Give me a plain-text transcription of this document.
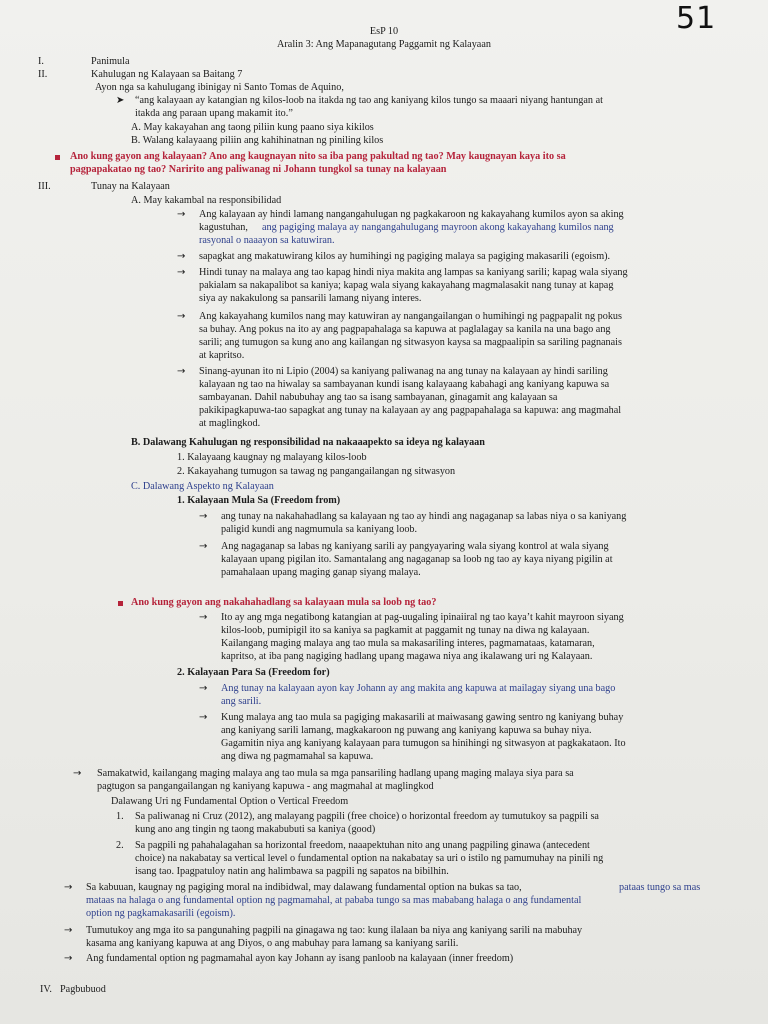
51
EsP 10
Aralin 3: Ang Mapanagutang Paggamit ng Kalayaan
I.	Panimula
II.	Kahulugan ng Kalayaan sa Baitang 7
Ayon nga sa kahulugang ibinigay ni Santo Tomas de Aquino,
➤ “ang kalayaan ay katangian ng kilos-loob na itakda ng tao ang kaniyang kilos tungo sa maaari niyang hantungan at
itakda ang paraan upang makamit ito.”
A. May kakayahan ang taong piliin kung paano siya kikilos
B. Walang kalayaang piliin ang kahihinatnan ng piniling kilos
Ano kung gayon ang kalayaan? Ano ang kaugnayan nito sa iba pang pakultad ng tao? May kaugnayan kaya ito sa
pagpapakatao ng tao? Naririto ang paliwanag ni Johann tungkol sa tunay na kalayaan
III.	Tunay na Kalayaan
A. May kakambal na responsibilidad
→ Ang kalayaan ay hindi lamang nangangahulugan ng pagkakaroon ng kakayahang kumilos ayon sa aking
kagustuhan, ang pagiging malaya ay nangangahulugang mayroon akong kakayahang kumilos nang
rasyonal o naaayon sa katuwiran.
→ sapagkat ang makatuwirang kilos ay humihingi ng pagiging malaya sa pagiging makasarili (egoism).
→ Hindi tunay na malaya ang tao kapag hindi niya makita ang lampas sa kaniyang sarili; kapag wala siyang
pakialam sa nakapalibot sa kaniya; kapag wala siyang kakayahang magmalasakit nang tunay at kapag
siya ay nakakulong sa pansarili lamang niyang interes.
→ Ang kakayahang kumilos nang may katuwiran ay nangangailangan o humihingi ng pagpapalit ng pokus
sa buhay. Ang pokus na ito ay ang pagpapahalaga sa kapuwa at paglalagay sa kanila na una bago ang
sarili; ang tumugon sa kung ano ang kailangan ng sitwasyon kaysa sa magpaalipin sa sariling pagnanais
at kapritso.
→ Sinang-ayunan ito ni Lipio (2004) sa kaniyang paliwanag na ang tunay na kalayaan ay hindi sariling
kalayaan ng tao na hiwalay sa sambayanan kundi isang kalayaang kabahagi ang kaniyang kapuwa sa
sambayanan. Dahil nabubuhay ang tao sa isang sambayanan, ginagamit ang kalayaan sa
pakikipagkapuwa-tao sapagkat ang tunay na kalayaan ay ang pagpapahalaga sa kapuwa: ang magmahal
at maglingkod.
B. Dalawang Kahulugan ng responsibilidad na nakaaapekto sa ideya ng kalayaan
1. Kalayaang kaugnay ng malayang kilos-loob
2. Kakayahang tumugon sa tawag ng pangangailangan ng sitwasyon
C. Dalawang Aspekto ng Kalayaan
1. Kalayaan Mula Sa (Freedom from)
→ ang tunay na nakahahadlang sa kalayaan ng tao ay hindi ang nagaganap sa labas niya o sa kaniyang
paligid kundi ang nagmumula sa kaniyang loob.
→ Ang nagaganap sa labas ng kaniyang sarili ay pangyayaring wala siyang kontrol at wala siyang
kalayaan upang pigilan ito. Samantalang ang nagaganap sa loob ng tao ay kaya niyang pigilin at
pamahalaan upang maging ganap siyang malaya.
Ano kung gayon ang nakahahadlang sa kalayaan mula sa loob ng tao?
→ Ito ay ang mga negatibong katangian at pag-uugaling ipinaiiral ng tao kaya’t kahit mayroon siyang
kilos-loob, pumipigil ito sa kaniya sa pagkamit at paggamit ng tunay na diwa ng kalayaan.
Kailangang maging malaya ang tao mula sa makasariling interes, pagmamataas, katamaran,
kapritso, at iba pang nagiging hadlang upang magawa niya ang ikalawang uri ng Kalayaan.
2. Kalayaan Para Sa (Freedom for)
→ Ang tunay na kalayaan ayon kay Johann ay ang makita ang kapuwa at mailagay siyang una bago
ang sarili.
→ Kung malaya ang tao mula sa pagiging makasarili at maiwasang gawing sentro ng kaniyang buhay
ang kaniyang sarili lamang, magkakaroon ng puwang ang kaniyang kapuwa sa buhay niya.
Gagamitin niya ang kaniyang kalayaan para tumugon sa hinihingi ng sitwasyon at pagkakataon. Ito
ang diwa ng pagmamahal sa kapuwa.
→ Samakatwid, kailangang maging malaya ang tao mula sa mga pansariling hadlang upang maging malaya siya para sa
pagtugon sa pangangailangan ng kaniyang kapuwa - ang magmahal at maglingkod
Dalawang Uri ng Fundamental Option o Vertical Freedom
1. Sa paliwanag ni Cruz (2012), ang malayang pagpili (free choice) o horizontal freedom ay tumutukoy sa pagpili sa
kung ano ang tingin ng taong makabubuti sa kaniya (good)
2. Sa pagpili ng pahahalagahan sa horizontal freedom, naaapektuhan nito ang unang pagpiling ginawa (antecedent
choice) na nakabatay sa vertical level o fundamental option na nakabatay sa uri o istilo ng pamumuhay na pinili ng
isang tao. Ipagpatuloy natin ang halimbawa sa pagpili ng sapatos na bibilhin.
→ Sa kabuuan, kaugnay ng pagiging moral na indibidwal, may dalawang fundamental option na bukas sa tao,	pataas tungo sa mas
mataas na halaga o ang fundamental option ng pagmamahal, at pababa tungo sa mas mababang halaga o ang fundamental
option ng pagkamakasarili (egoism).
→ Tumutukoy ang mga ito sa pangunahing pagpili na ginagawa ng tao: kung ilalaan ba niya ang kaniyang sarili na mabuhay
kasama ang kaniyang kapuwa at ang Diyos, o ang mabuhay para lamang sa kaniyang sarili.
→ Ang fundamental option ng pagmamahal ayon kay Johann ay isang panloob na kalayaan (inner freedom)
IV. Pagbubuod
